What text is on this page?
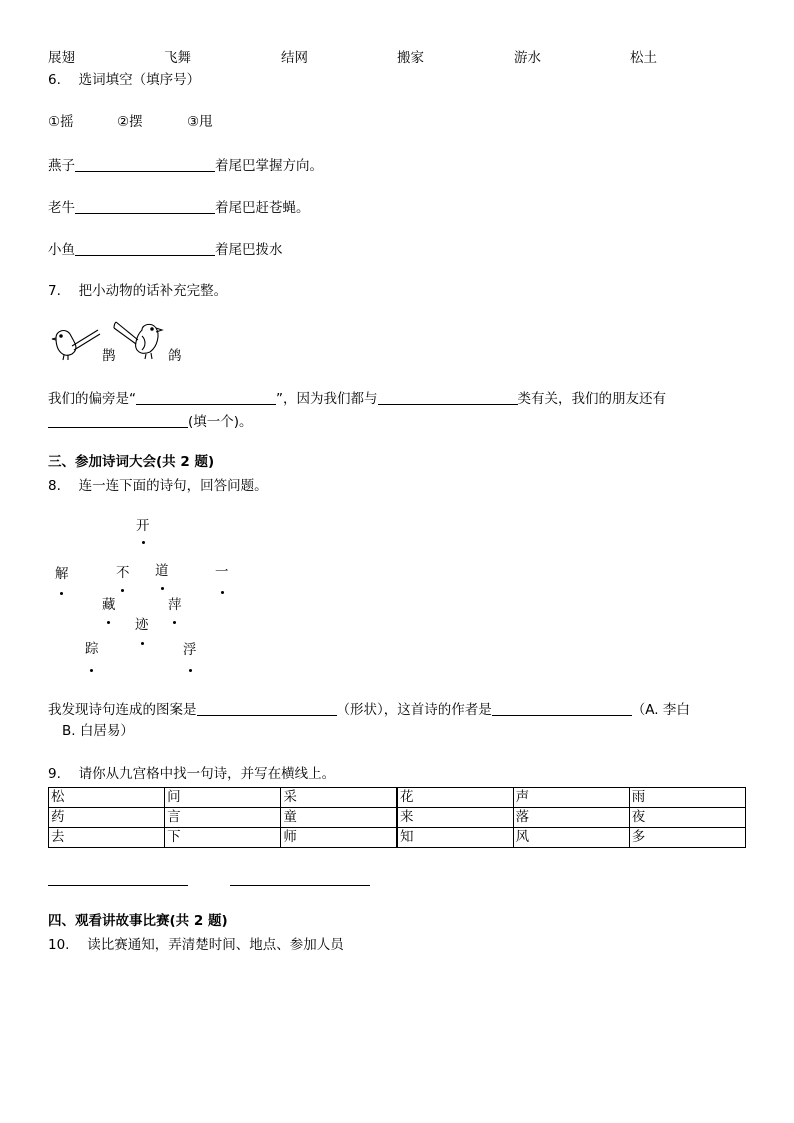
展翅	飞舞	结网	搬家	游水	松土
6.　 选词填空（填序号）
①摇	②摆	③甩
燕子	着尾巴掌握方向。
老牛	着尾巴赶苍蝇。
小鱼	着尾巴拨水
7.　 把小动物的话补充完整。
鹊	鸽
我们的偏旁是“	”，因为我们都与	类有关，我们的朋友还有
(填一个)。
三、参加诗词大会(共 2 题)
8.　 连一连下面的诗句，回答问题。
开
解	不 道	一
藏	萍
迹
踪	浮
我发现诗句连成的图案是	（形状），这首诗的作者是	（A. 李白
B. 白居易）
9.　 请你从九宫格中找一句诗，并写在横线上。
松	问	采	花	声	雨
药	言	童	来	落	夜
去	下	师	知	风	多
四、观看讲故事比赛(共 2 题)
10.　 读比赛通知，弄清楚时间、地点、参加人员
